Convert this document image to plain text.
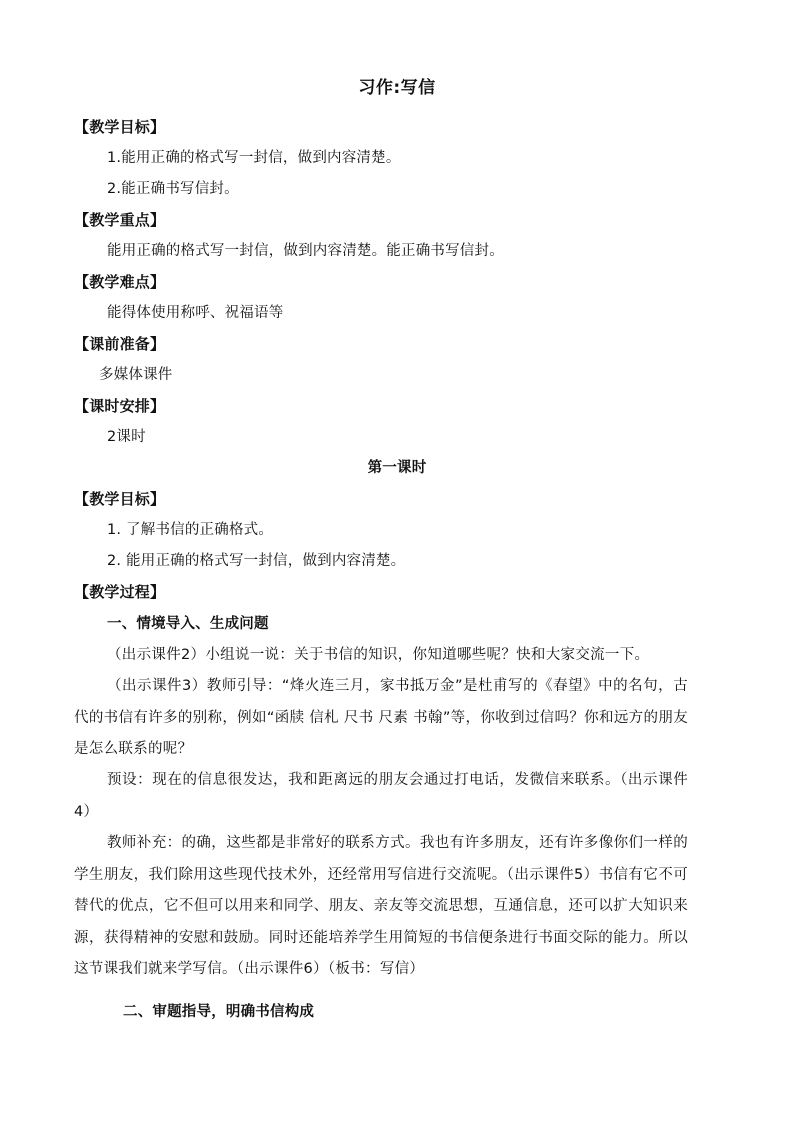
习作:写信
【教学目标】
1.能用正确的格式写一封信，做到内容清楚。
2.能正确书写信封。
【教学重点】
能用正确的格式写一封信，做到内容清楚。能正确书写信封。
【教学难点】
能得体使用称呼、祝福语等
【课前准备】
多媒体课件
【课时安排】
2课时
第一课时
【教学目标】
1. 了解书信的正确格式。
2. 能用正确的格式写一封信，做到内容清楚。
【教学过程】
一、情境导入、生成问题
（出示课件2）小组说一说：关于书信的知识，你知道哪些呢？快和大家交流一下。
（出示课件3）教师引导：“烽火连三月，家书抵万金”是杜甫写的《春望》中的名句，古代的书信有许多的别称，例如“函牍 信札 尺书 尺素 书翰”等，你收到过信吗？你和远方的朋友是怎么联系的呢？
预设：现在的信息很发达，我和距离远的朋友会通过打电话，发微信来联系。（出示课件4）
教师补充：的确，这些都是非常好的联系方式。我也有许多朋友，还有许多像你们一样的学生朋友，我们除用这些现代技术外，还经常用写信进行交流呢。（出示课件5）书信有它不可替代的优点，它不但可以用来和同学、朋友、亲友等交流思想，互通信息，还可以扩大知识来源，获得精神的安慰和鼓励。同时还能培养学生用简短的书信便条进行书面交际的能力。所以这节课我们就来学写信。（出示课件6）（板书：写信）
二、审题指导，明确书信构成
